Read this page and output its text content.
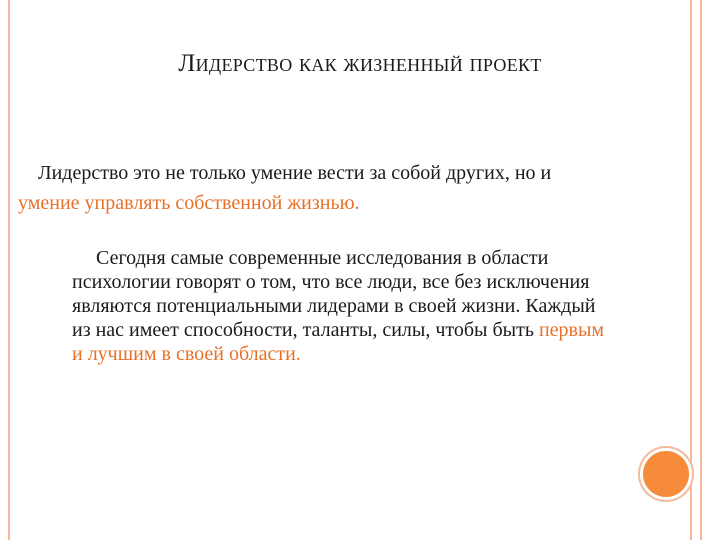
Лидерство как жизненный проект
Лидерство это не только умение вести за собой других, но и умение управлять собственной жизнью.
Сегодня самые современные исследования в области психологии говорят о том, что все люди, все без исключения являются потенциальными лидерами в своей жизни. Каждый из нас имеет способности, таланты, силы, чтобы быть первым и лучшим в своей области.
